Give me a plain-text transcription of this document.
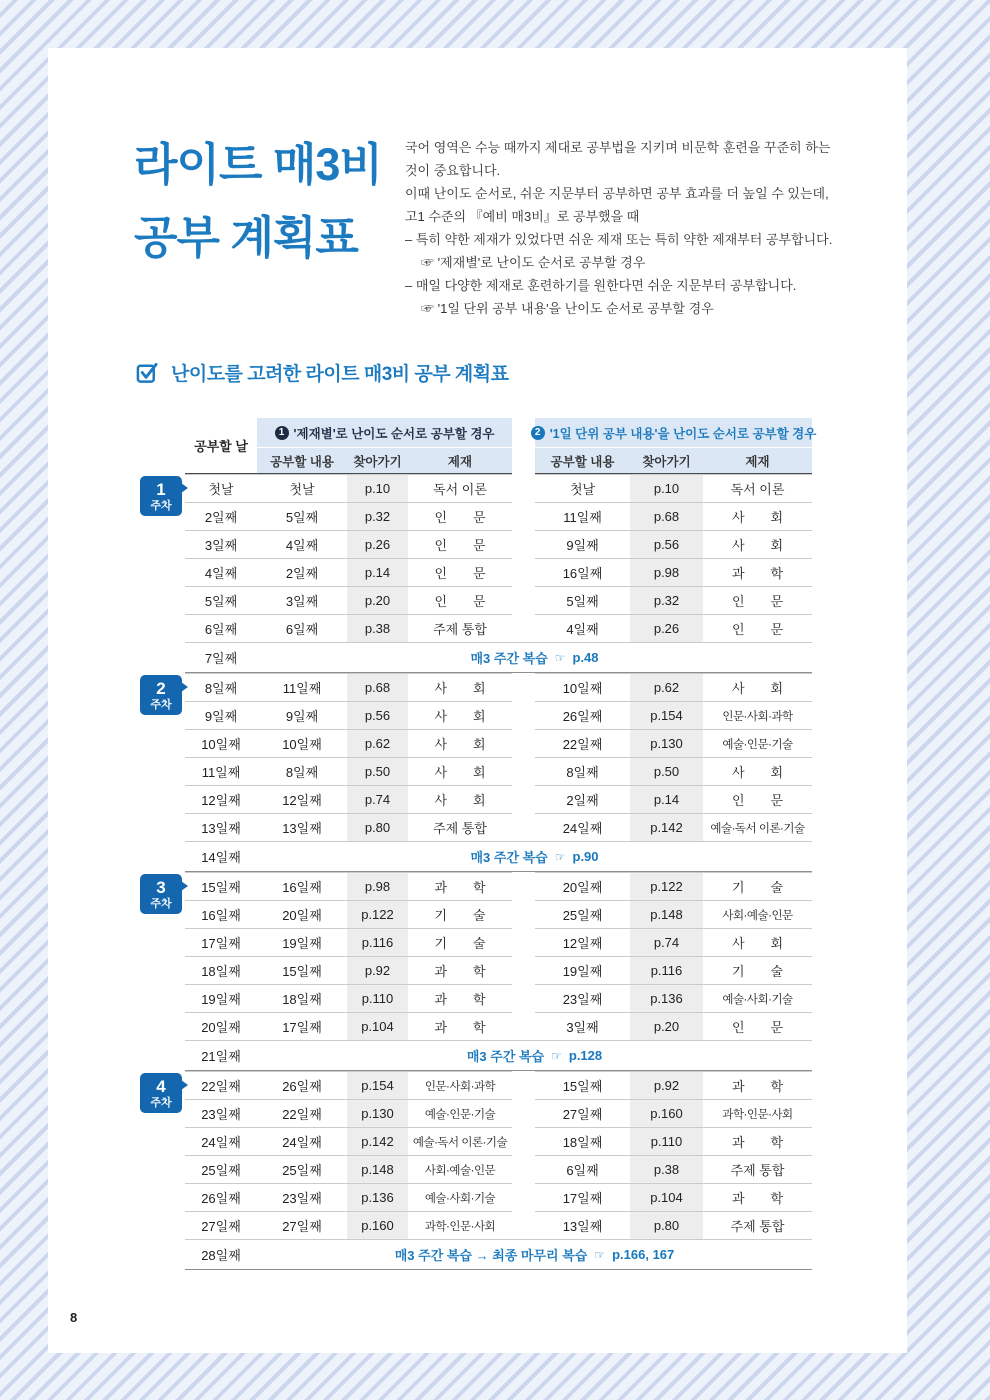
라이트 매3비
공부 계획표
국어 영역은 수능 때까지 제대로 공부법을 지키며 비문학 훈련을 꾸준히 하는
것이 중요합니다.
이때 난이도 순서로, 쉬운 지문부터 공부하면 공부 효과를 더 높일 수 있는데,
고1 수준의 『예비 매3비』로 공부했을 때
– 특히 약한 제재가 있었다면 쉬운 제재 또는 특히 약한 제재부터 공부합니다.
☞ '제재별'로 난이도 순서로 공부할 경우
– 매일 다양한 제재로 훈련하기를 원한다면 쉬운 지문부터 공부합니다.
☞ '1일 단위 공부 내용'을 난이도 순서로 공부할 경우
난이도를 고려한 라이트 매3비 공부 계획표
공부할 날
1 '제재별'로 난이도 순서로 공부할 경우
공부할 내용	찾아가기	제재
2 '1일 단위 공부 내용'을 난이도 순서로 공부할 경우
공부할 내용	찾아가기	제재
1
주차
첫날	첫날	p.10	독서 이론	첫날	p.10	독서 이론
2일째	5일째	p.32	인　　문	11일째	p.68	사　　회
3일째	4일째	p.26	인　　문	9일째	p.56	사　　회
4일째	2일째	p.14	인　　문	16일째	p.98	과　　학
5일째	3일째	p.20	인　　문	5일째	p.32	인　　문
6일째	6일째	p.38	주제 통합	4일째	p.26	인　　문
7일째	매3 주간 복습 ☞ p.48
2
주차
8일째	11일째	p.68	사　　회	10일째	p.62	사　　회
9일째	9일째	p.56	사　　회	26일째	p.154	인문·사회·과학
10일째	10일째	p.62	사　　회	22일째	p.130	예술·인문·기술
11일째	8일째	p.50	사　　회	8일째	p.50	사　　회
12일째	12일째	p.74	사　　회	2일째	p.14	인　　문
13일째	13일째	p.80	주제 통합	24일째	p.142	예술·독서 이론·기술
14일째	매3 주간 복습 ☞ p.90
3
주차
15일째	16일째	p.98	과　　학	20일째	p.122	기　　술
16일째	20일째	p.122	기　　술	25일째	p.148	사회·예술·인문
17일째	19일째	p.116	기　　술	12일째	p.74	사　　회
18일째	15일째	p.92	과　　학	19일째	p.116	기　　술
19일째	18일째	p.110	과　　학	23일째	p.136	예술·사회·기술
20일째	17일째	p.104	과　　학	3일째	p.20	인　　문
21일째	매3 주간 복습 ☞ p.128
4
주차
22일째	26일째	p.154	인문·사회·과학	15일째	p.92	과　　학
23일째	22일째	p.130	예술·인문·기술	27일째	p.160	과학·인문·사회
24일째	24일째	p.142	예술·독서 이론·기술	18일째	p.110	과　　학
25일째	25일째	p.148	사회·예술·인문	6일째	p.38	주제 통합
26일째	23일째	p.136	예술·사회·기술	17일째	p.104	과　　학
27일째	27일째	p.160	과학·인문·사회	13일째	p.80	주제 통합
28일째	매3 주간 복습 → 최종 마무리 복습 ☞ p.166, 167
8
